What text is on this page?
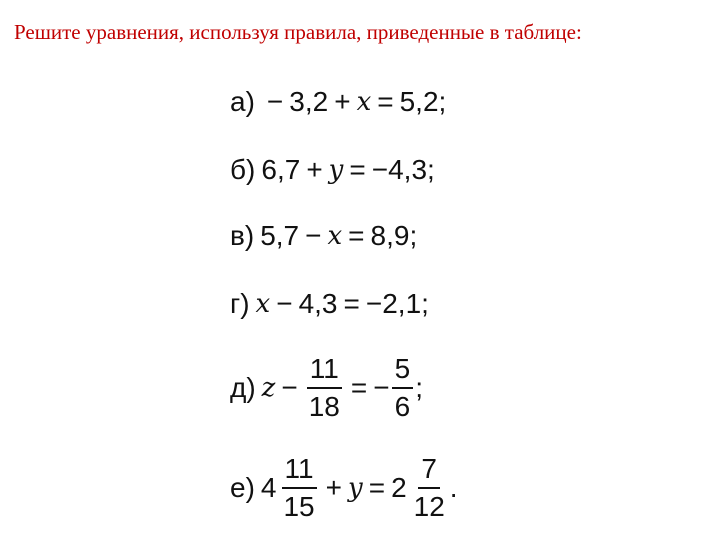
Решите уравнения, используя правила, приведенные в таблице:
а) − 3,2 + x = 5,2 ;
б) 6,7 + y = −4,3 ;
в) 5,7 − x = 8,9 ;
г) x − 4,3 = −2,1 ;
д) $z - \frac{11}{18}$ = − $\frac{5}{6}$ ;
е) $4 \frac{11}{15} + y = 2 \frac{7}{12}$ .
